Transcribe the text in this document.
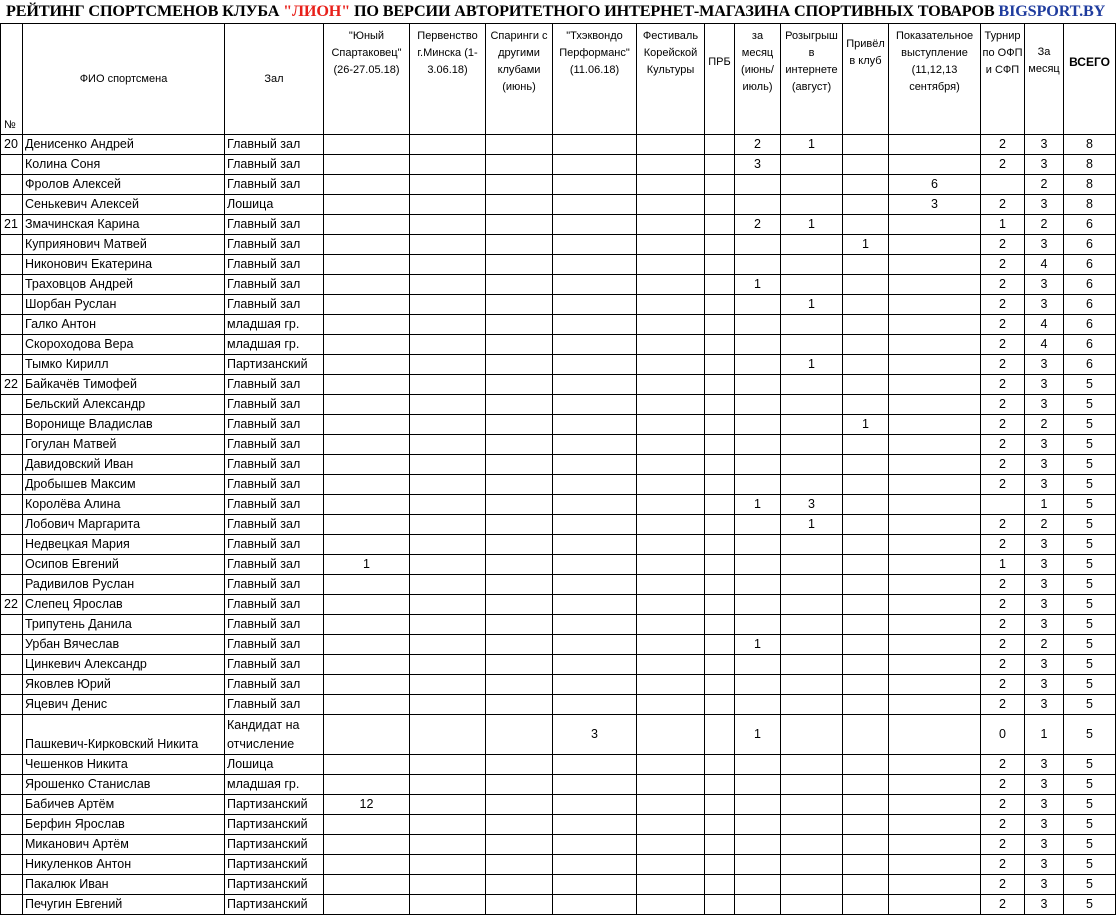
РЕЙТИНГ СПОРТСМЕНОВ КЛУБА "ЛИОН" ПО ВЕРСИИ АВТОРИТЕТНОГО ИНТЕРНЕТ-МАГАЗИНА СПОРТИВНЫХ ТОВАРОВ BIGSPORT.BY
№	ФИО спортсмена	Зал	"Юный Спартаковец" (26-27.05.18)	Первенство г.Минска (1-3.06.18)	Спаринги с другими клубами (июнь)	"Тхэквондо Перформанс" (11.06.18)	Фестиваль Корейской Культуры	ПРБ	за месяц (июнь/июль)	Розыгрыш в интернете (август)	Привёл в клуб	Показательное выступление (11,12,13 сентября)	Турнир по ОФП и СФП	За месяц	ВСЕГО
20	Денисенко Андрей	Главный зал							2	1			2	3	8
	Колина Соня	Главный зал							3				2	3	8
	Фролов Алексей	Главный зал										6		2	8
	Сенькевич Алексей	Лошица										3	2	3	8
21	Змачинская Карина	Главный зал							2	1			1	2	6
	Куприянович Матвей	Главный зал									1		2	3	6
	Никонович Екатерина	Главный зал											2	4	6
	Траховцов Андрей	Главный зал							1				2	3	6
	Шорбан Руслан	Главный зал								1			2	3	6
	Галко Антон	младшая гр.											2	4	6
	Скороходова Вера	младшая гр.											2	4	6
	Тымко Кирилл	Партизанский								1			2	3	6
22	Байкачёв Тимофей	Главный зал											2	3	5
	Бельский Александр	Главный зал											2	3	5
	Воронище Владислав	Главный зал									1		2	2	5
	Гогулан Матвей	Главный зал											2	3	5
	Давидовский Иван	Главный зал											2	3	5
	Дробышев Максим	Главный зал											2	3	5
	Королёва Алина	Главный зал							1	3				1	5
	Лобович Маргарита	Главный зал								1			2	2	5
	Недвецкая Мария	Главный зал											2	3	5
	Осипов Евгений	Главный зал	1										1	3	5
	Радивилов Руслан	Главный зал											2	3	5
22	Слепец Ярослав	Главный зал											2	3	5
	Трипутень Данила	Главный зал											2	3	5
	Урбан Вячеслав	Главный зал							1				2	2	5
	Цинкевич Александр	Главный зал											2	3	5
	Яковлев Юрий	Главный зал											2	3	5
	Яцевич Денис	Главный зал											2	3	5
	Пашкевич-Кирковский Никита	Кандидат на отчисление				3			1				0	1	5
	Чешенков Никита	Лошица											2	3	5
	Ярошенко Станислав	младшая гр.											2	3	5
	Бабичев Артём	Партизанский	12										2	3	5
	Берфин Ярослав	Партизанский											2	3	5
	Миканович Артём	Партизанский											2	3	5
	Никуленков Антон	Партизанский											2	3	5
	Пакалюк Иван	Партизанский											2	3	5
	Печугин Евгений	Партизанский											2	3	5
